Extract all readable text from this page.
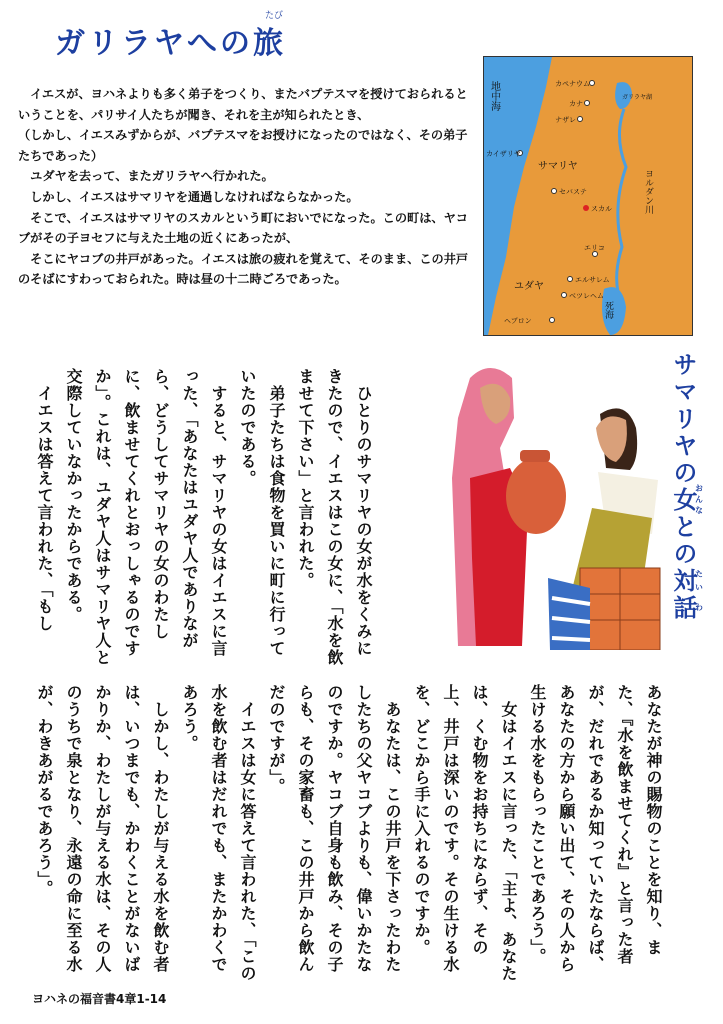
ガリラヤへの旅
たび

　イエスが、ヨハネよりも多く弟子をつくり、またバプテスマを授けておられるということを、パリサイ人たちが聞き、それを主が知られたとき、

（しかし、イエスみずからが、バプテスマをお授けになったのではなく、その弟子たちであった）

　ユダヤを去って、またガリラヤへ行かれた。

　しかし、イエスはサマリヤを通過しなければならなかった。

　そこで、イエスはサマリヤのスカルという町においでになった。この町は、ヤコブがその子ヨセフに与えた土地の近くにあったが、

　そこにヤコブの井戸があった。イエスは旅の疲れを覚えて、そのまま、この井戸のそばにすわっておられた。時は昼の十二時ごろであった。

地中海	カペナウム
ガリラヤ湖
カナ
ナザレ
カイザリヤ
サマリヤ
セバステ
スカル	ヨルダン川
エリコ
エルサレム
ユダヤ
ベツレヘム
死海
ヘブロン
サマリヤの女おんなとの対たい話わ

　ひとりのサマリヤの女が水をくみにきたので、イエスはこの女に、「水を飲ませて下さい」と言われた。

　弟子たちは食物を買いに町に行っていたのである。

　すると、サマリヤの女はイエスに言った、「あなたはユダヤ人でありながら、どうしてサマリヤの女のわたしに、飲ませてくれとおっしゃるのですか」。これは、ユダヤ人はサマリヤ人と交際していなかったからである。

　イエスは答えて言われた、「もし

あなたが神の賜物のことを知り、また、『水を飲ませてくれ』と言った者が、だれであるか知っていたならば、あなたの方から願い出て、その人から生ける水をもらったことであろう」。

　女はイエスに言った、「主よ、あなたは、くむ物をお持ちにならず、その上、井戸は深いのです。その生ける水を、どこから手に入れるのですか。

　あなたは、この井戸を下さったわたしたちの父ヤコブよりも、偉いかたなのですか。ヤコブ自身も飲み、その子らも、その家畜も、この井戸から飲んだのですが」。

　イエスは女に答えて言われた、「この水を飲む者はだれでも、またかわくであろう。

　しかし、わたしが与える水を飲む者は、いつまでも、かわくことがないばかりか、わたしが与える水は、その人のうちで泉となり、永遠の命に至る水が、わきあがるであろう」。

ヨハネの福音書4章1-14
